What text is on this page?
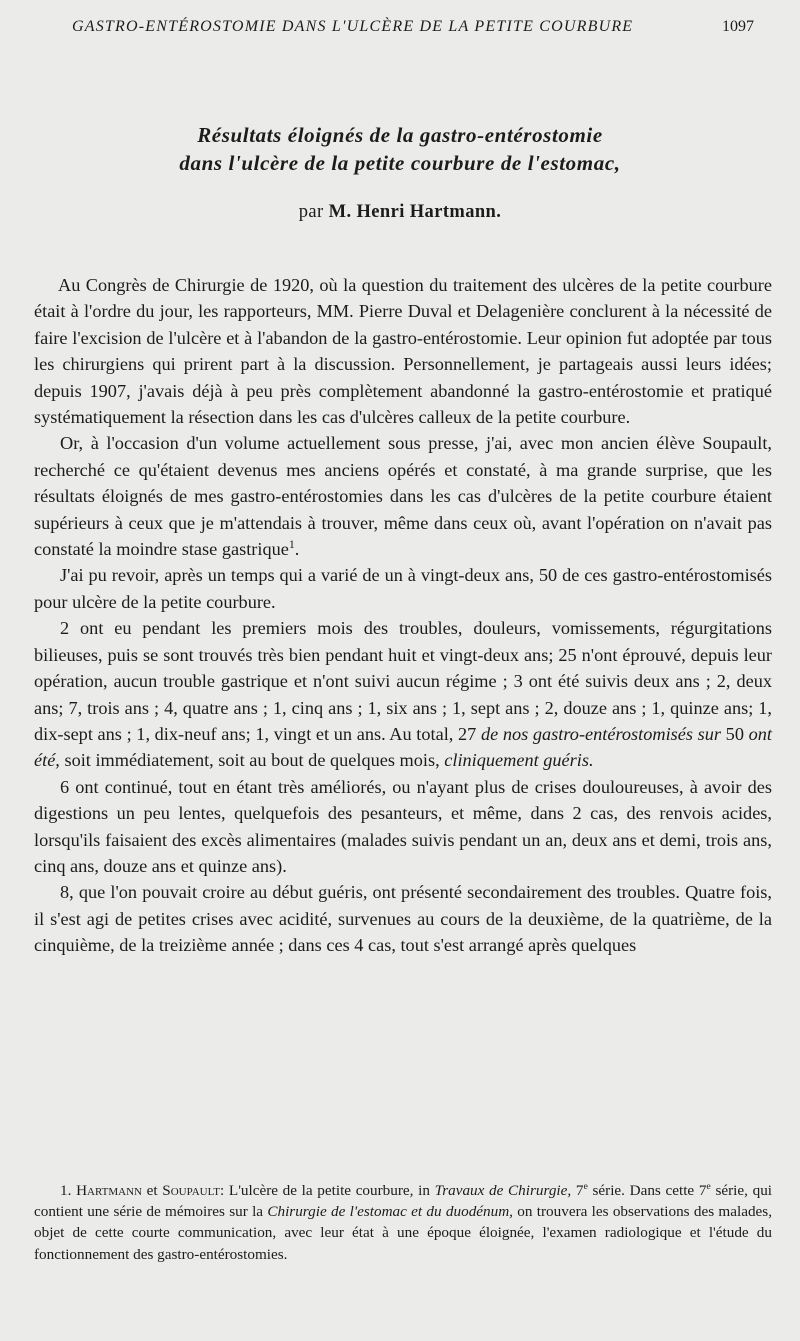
GASTRO-ENTÉROSTOMIE DANS L'ULCÈRE DE LA PETITE COURBURE	1097
Résultats éloignés de la gastro-entérostomie
dans l'ulcère de la petite courbure de l'estomac,
par M. Henri Hartmann.

Au Congrès de Chirurgie de 1920, où la question du traitement des ulcères de la petite courbure était à l'ordre du jour, les rapporteurs, MM. Pierre Duval et Delagenière conclurent à la nécessité de faire l'excision de l'ulcère et à l'abandon de la gastro-entérostomie. Leur opinion fut adoptée par tous les chirurgiens qui prirent part à la discussion. Personnellement, je partageais aussi leurs idées; depuis 1907, j'avais déjà à peu près complètement abandonné la gastro-entérostomie et pratiqué systématiquement la résection dans les cas d'ulcères calleux de la petite courbure.

Or, à l'occasion d'un volume actuellement sous presse, j'ai, avec mon ancien élève Soupault, recherché ce qu'étaient devenus mes anciens opérés et constaté, à ma grande surprise, que les résultats éloignés de mes gastro-entérostomies dans les cas d'ulcères de la petite courbure étaient supérieurs à ceux que je m'attendais à trouver, même dans ceux où, avant l'opération on n'avait pas constaté la moindre stase gastrique$^1$.

J'ai pu revoir, après un temps qui a varié de un à vingt-deux ans, 50 de ces gastro-entérostomisés pour ulcère de la petite courbure.

2 ont eu pendant les premiers mois des troubles, douleurs, vomissements, régurgitations bilieuses, puis se sont trouvés très bien pendant huit et vingt-deux ans; 25 n'ont éprouvé, depuis leur opération, aucun trouble gastrique et n'ont suivi aucun régime ; 3 ont été suivis deux ans ; 2, deux ans; 7, trois ans ; 4, quatre ans ; 1, cinq ans ; 1, six ans ; 1, sept ans ; 2, douze ans ; 1, quinze ans; 1, dix-sept ans ; 1, dix-neuf ans; 1, vingt et un ans. Au total, 27 de nos gastro-entérostomisés sur 50 ont été, soit immédiatement, soit au bout de quelques mois, cliniquement guéris.

6 ont continué, tout en étant très améliorés, ou n'ayant plus de crises douloureuses, à avoir des digestions un peu lentes, quelquefois des pesanteurs, et même, dans 2 cas, des renvois acides, lorsqu'ils faisaient des excès alimentaires (malades suivis pendant un an, deux ans et demi, trois ans, cinq ans, douze ans et quinze ans).

8, que l'on pouvait croire au début guéris, ont présenté secondairement des troubles. Quatre fois, il s'est agi de petites crises avec acidité, survenues au cours de la deuxième, de la quatrième, de la cinquième, de la treizième année ; dans ces 4 cas, tout s'est arrangé après quelques

1. Hartmann et Soupault: L'ulcère de la petite courbure, in Travaux de Chirurgie, 7e série. Dans cette 7e série, qui contient une série de mémoires sur la Chirurgie de l'estomac et du duodénum, on trouvera les observations des malades, objet de cette courte communication, avec leur état à une époque éloignée, l'examen radiologique et l'étude du fonctionnement des gastro-entérostomies.
